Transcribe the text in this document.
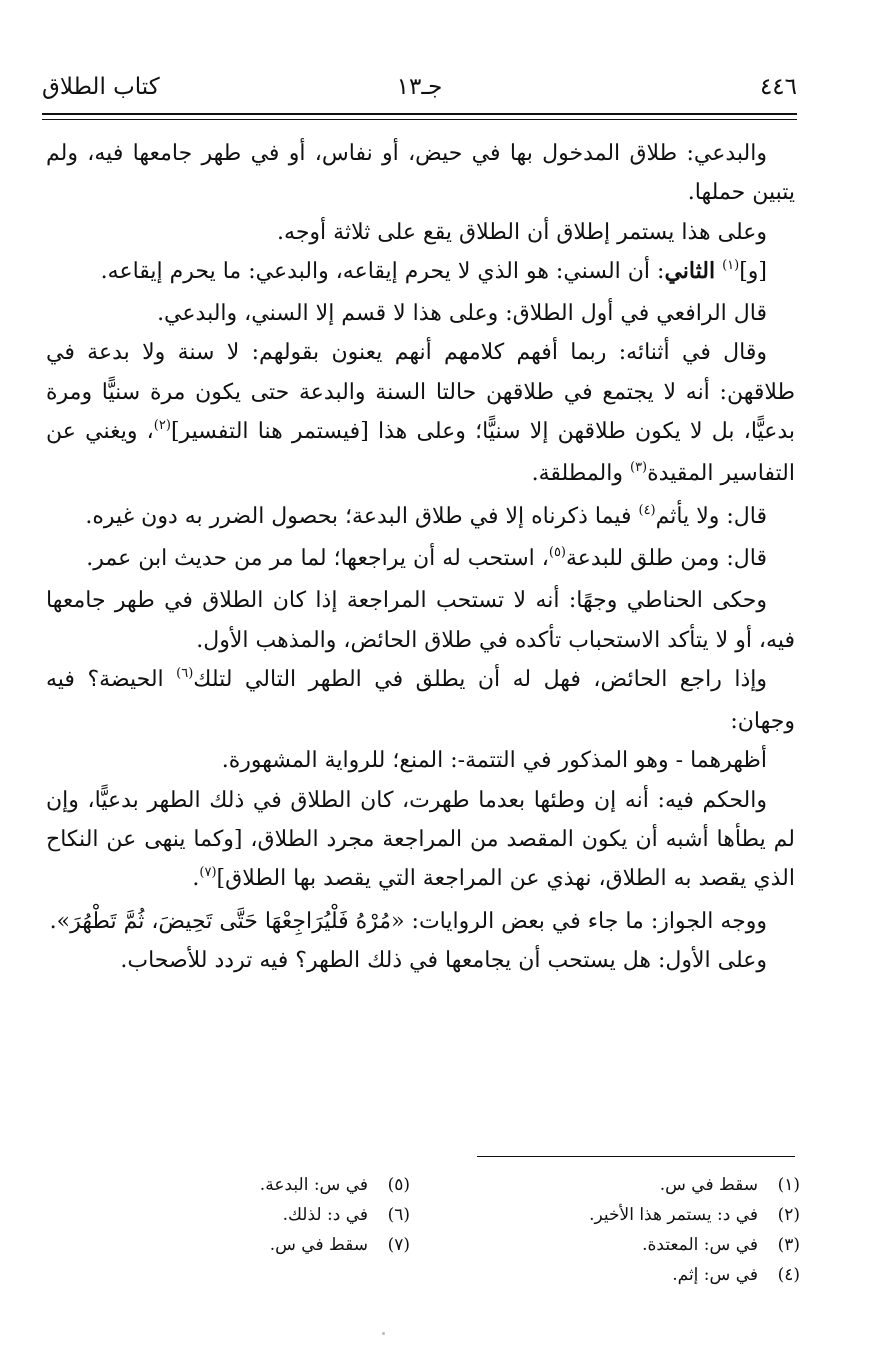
٤٤٦
جـ١٣
كتاب الطلاق

والبدعي: طلاق المدخول بها في حيض، أو نفاس، أو في طهر جامعها فيه، ولم يتبين حملها.

وعلى هذا يستمر إطلاق أن الطلاق يقع على ثلاثة أوجه.

[و]$^{(١)}$ الثاني: أن السني: هو الذي لا يحرم إيقاعه، والبدعي: ما يحرم إيقاعه.

قال الرافعي في أول الطلاق: وعلى هذا لا قسم إلا السني، والبدعي.

وقال في أثنائه: ربما أفهم كلامهم أنهم يعنون بقولهم: لا سنة ولا بدعة في طلاقهن: أنه لا يجتمع في طلاقهن حالتا السنة والبدعة حتى يكون مرة سنيًّا ومرة بدعيًّا، بل لا يكون طلاقهن إلا سنيًّا؛ وعلى هذا [فيستمر هنا التفسير]$^{(٢)}$، ويغني عن التفاسير المقيدة$^{(٣)}$ والمطلقة.

قال: ولا يأثم$^{(٤)}$ فيما ذكرناه إلا في طلاق البدعة؛ بحصول الضرر به دون غيره.

قال: ومن طلق للبدعة$^{(٥)}$، استحب له أن يراجعها؛ لما مر من حديث ابن عمر.

وحكى الحناطي وجهًا: أنه لا تستحب المراجعة إذا كان الطلاق في طهر جامعها فيه، أو لا يتأكد الاستحباب تأكده في طلاق الحائض، والمذهب الأول.

وإذا راجع الحائض، فهل له أن يطلق في الطهر التالي لتلك$^{(٦)}$ الحيضة؟ فيه وجهان:

أظهرهما - وهو المذكور في التتمة-: المنع؛ للرواية المشهورة.

والحكم فيه: أنه إن وطئها بعدما طهرت، كان الطلاق في ذلك الطهر بدعيًّا، وإن لم يطأها أشبه أن يكون المقصد من المراجعة مجرد الطلاق، [وكما ينهى عن النكاح الذي يقصد به الطلاق، نهذي عن المراجعة التي يقصد بها الطلاق]$^{(٧)}$.

ووجه الجواز: ما جاء في بعض الروايات: «مُرْهُ فَلْيُرَاجِعْهَا حَتَّى تَحِيضَ، ثُمَّ تَطْهُرَ».

وعلى الأول: هل يستحب أن يجامعها في ذلك الطهر؟ فيه تردد للأصحاب.

(١)
سقط في س.
(٢)
في د: يستمر هذا الأخير.
(٣)
في س: المعتدة.
(٤)
في س: إثم.
(٥)
في س: البدعة.
(٦)
في د: لذلك.
(٧)
سقط في س.
